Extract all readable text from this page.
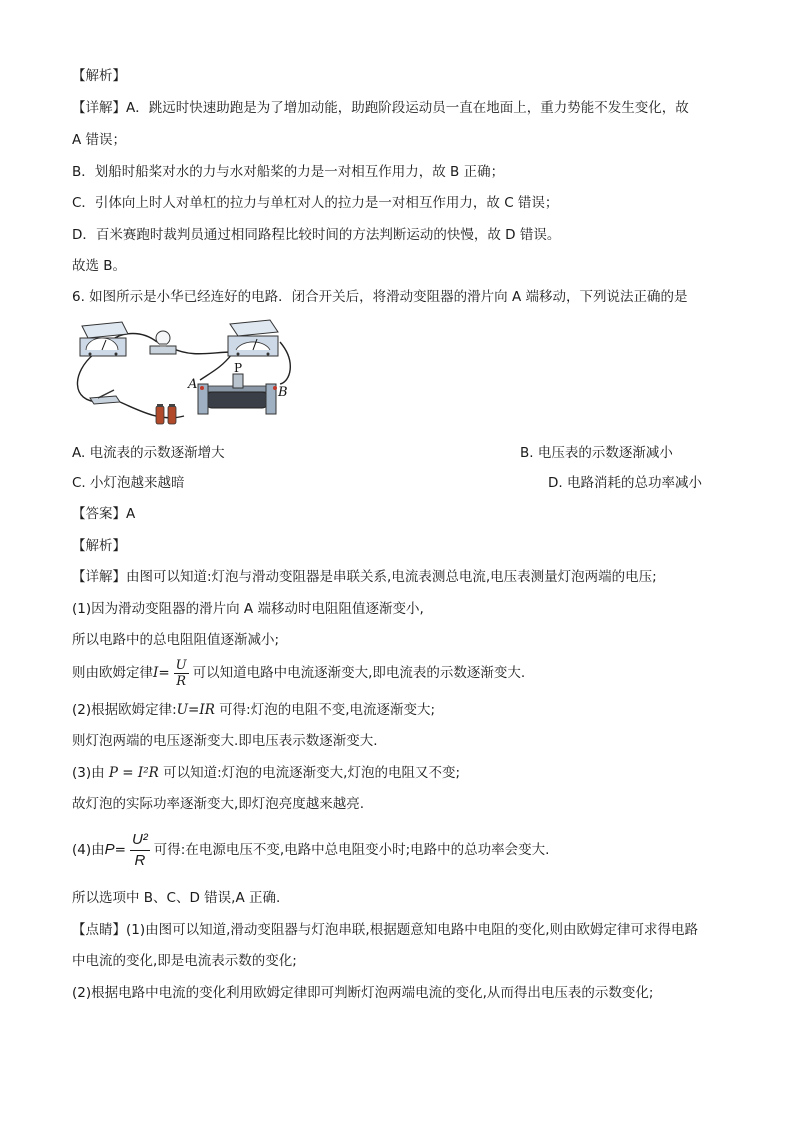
【解析】
【详解】A．跳远时快速助跑是为了增加动能，助跑阶段运动员一直在地面上，重力势能不发生变化，故
A 错误；
B．划船时船桨对水的力与水对船桨的力是一对相互作用力，故 B 正确；
C．引体向上时人对单杠的拉力与单杠对人的拉力是一对相互作用力，故 C 错误；
D．百米赛跑时裁判员通过相同路程比较时间的方法判断运动的快慢，故 D 错误。
故选 B。
6. 如图所示是小华已经连好的电路．闭合开关后，将滑动变阻器的滑片向 A 端移动，下列说法正确的是
A
B
P
A. 电流表的示数逐渐增大	B. 电压表的示数逐渐减小
C. 小灯泡越来越暗	D. 电路消耗的总功率减小
【答案】A
【解析】
【详解】由图可以知道:灯泡与滑动变阻器是串联关系,电流表测总电流,电压表测量灯泡两端的电压;
(1)因为滑动变阻器的滑片向 A 端移动时电阻阻值逐渐变小,
所以电路中的总电阻阻值逐渐减小;
则由欧姆定律 $I = \frac{U}{R}$ 可以知道电路中电流逐渐变大,即电流表的示数逐渐变大.
(2)根据欧姆定律:U=IR 可得:灯泡的电阻不变,电流逐渐变大;
则灯泡两端的电压逐渐变大.即电压表示数逐渐变大.
(3)由 P = I²R 可以知道:灯泡的电流逐渐变大,灯泡的电阻又不变;
故灯泡的实际功率逐渐变大,即灯泡亮度越来越亮.
(4)由 $P = \frac{\text{U²}}{R}$ 可得:在电源电压不变,电路中总电阻变小时;电路中的总功率会变大.
所以选项中 B、C、D 错误,A 正确.
【点睛】(1)由图可以知道,滑动变阻器与灯泡串联,根据题意知电路中电阻的变化,则由欧姆定律可求得电路
中电流的变化,即是电流表示数的变化;
(2)根据电路中电流的变化利用欧姆定律即可判断灯泡两端电流的变化,从而得出电压表的示数变化;
